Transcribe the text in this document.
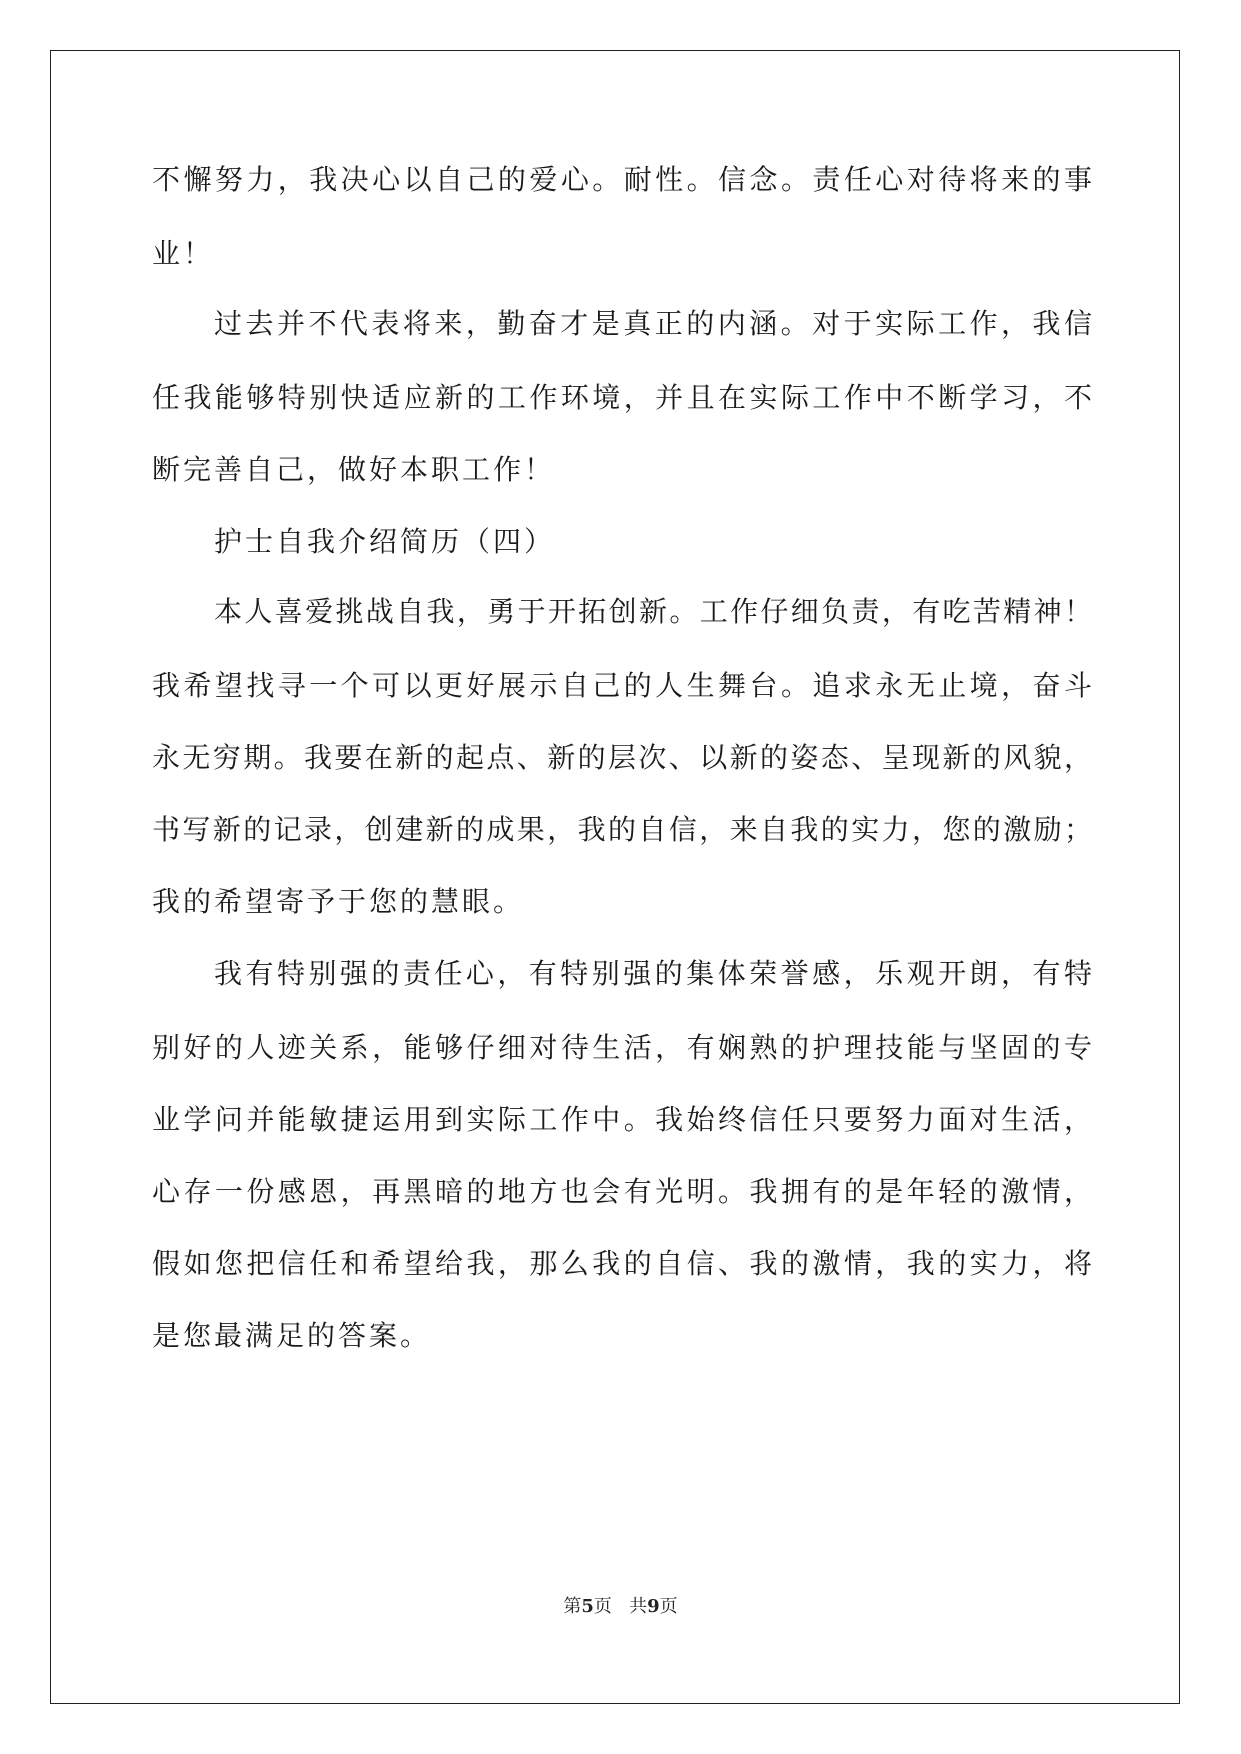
不懈努力，我决心以自己的爱心。耐性。信念。责任心对待将来的事
业！
过去并不代表将来，勤奋才是真正的内涵。对于实际工作，我信
任我能够特别快适应新的工作环境，并且在实际工作中不断学习，不
断完善自己，做好本职工作！
护士自我介绍简历（四）
本人喜爱挑战自我，勇于开拓创新。工作仔细负责，有吃苦精神！
我希望找寻一个可以更好展示自己的人生舞台。追求永无止境，奋斗
永无穷期。我要在新的起点、新的层次、以新的姿态、呈现新的风貌，
书写新的记录，创建新的成果，我的自信，来自我的实力，您的激励；
我的希望寄予于您的慧眼。
我有特别强的责任心，有特别强的集体荣誉感，乐观开朗，有特
别好的人迹关系，能够仔细对待生活，有娴熟的护理技能与坚固的专
业学问并能敏捷运用到实际工作中。我始终信任只要努力面对生活，
心存一份感恩，再黑暗的地方也会有光明。我拥有的是年轻的激情，
假如您把信任和希望给我，那么我的自信、我的激情，我的实力，将
是您最满足的答案。
第5页 共9页
